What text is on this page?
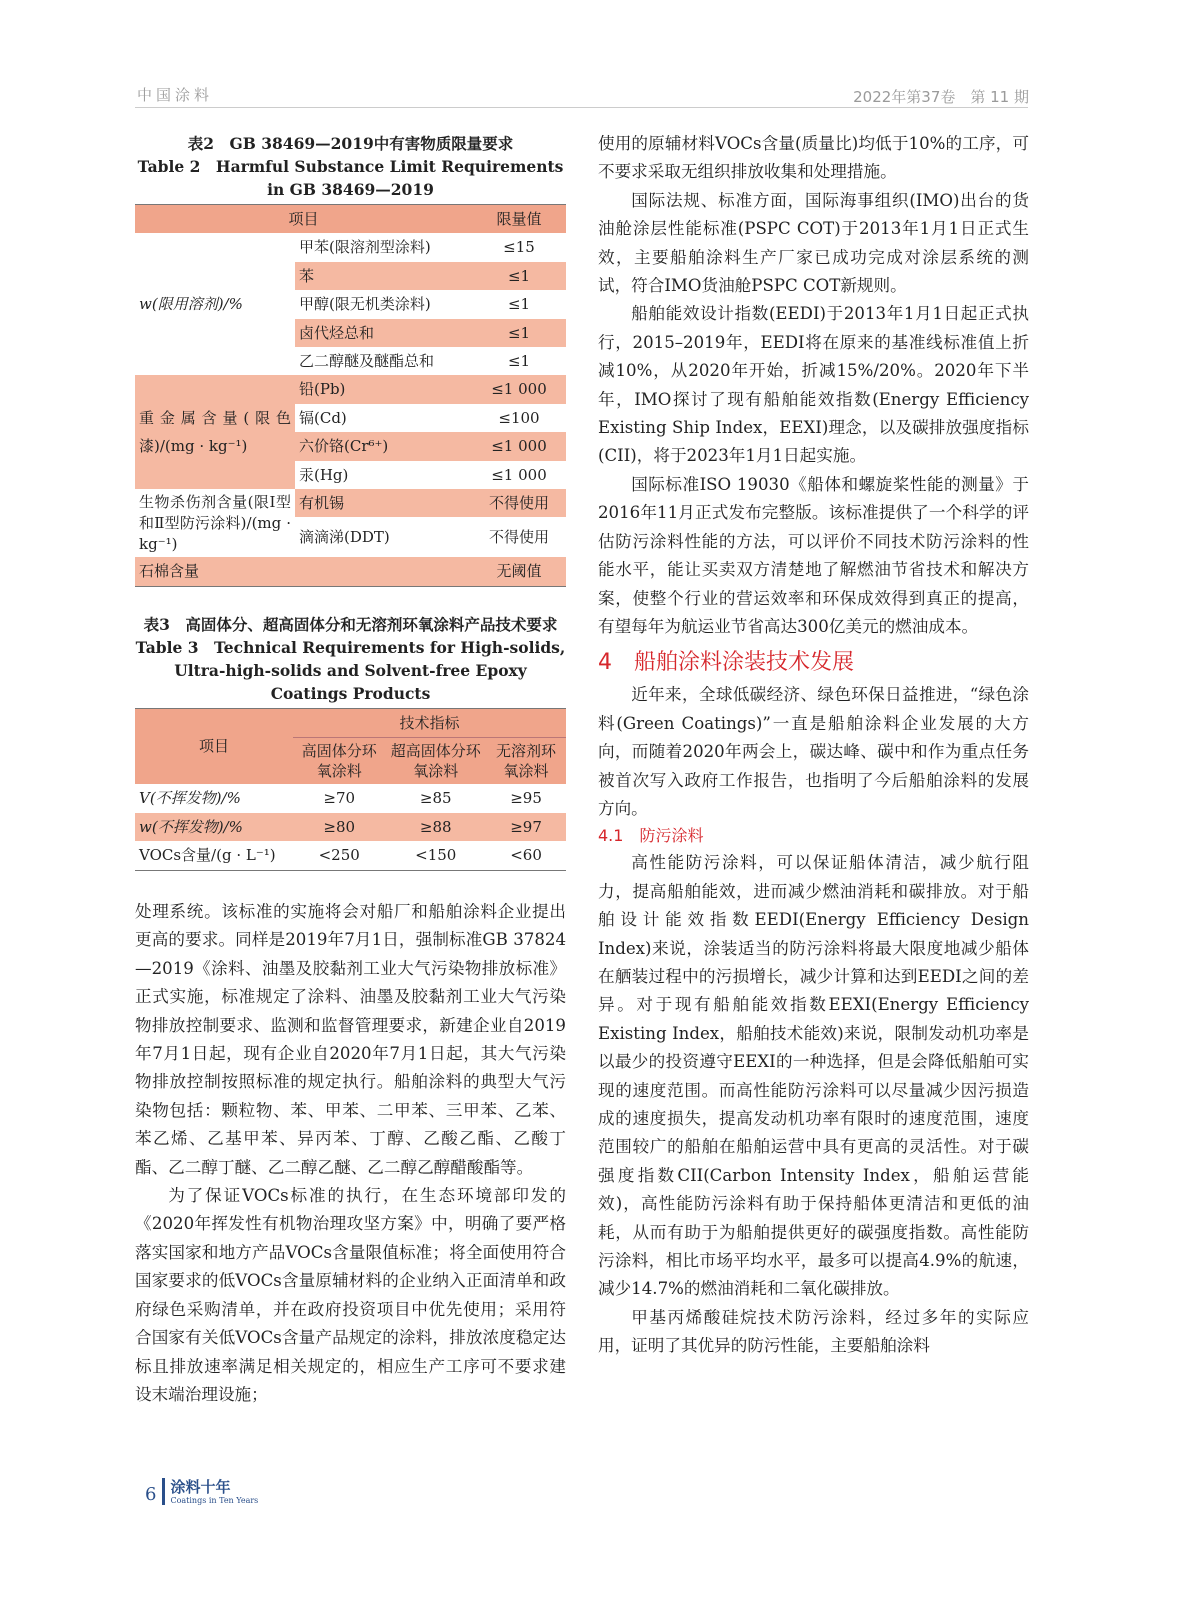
中国涂料	2022年第37卷　第 11 期
表2　GB 38469—2019中有害物质限量要求
Table 2　Harmful Substance Limit Requirements in GB 38469—2019
项目		限量值
w(限用溶剂)/%	甲苯(限溶剂型涂料)	≤15
	苯	≤1
	甲醇(限无机类涂料)	≤1
	卤代烃总和	≤1
	乙二醇醚及醚酯总和	≤1
重金属含量(限色漆)/(mg · kg⁻¹)	铅(Pb)	≤1 000
	镉(Cd)	≤100
	六价铬(Cr⁶⁺)	≤1 000
	汞(Hg)	≤1 000
生物杀伤剂含量(限Ⅰ型和Ⅱ型防污涂料)/(mg · kg⁻¹)	有机锡	不得使用
	滴滴涕(DDT)	不得使用
石棉含量		无阈值
表3　高固体分、超高固体分和无溶剂环氧涂料产品技术要求
Table 3　Technical Requirements for High-solids, Ultra-high-solids and Solvent-free Epoxy Coatings Products
项目	技术指标		
	高固体分环氧涂料	超高固体分环氧涂料	无溶剂环氧涂料
V(不挥发物)/%	≥70	≥85	≥95
w(不挥发物)/%	≥80	≥88	≥97
VOCs含量/(g · L⁻¹)	<250	<150	<60

处理系统。该标准的实施将会对船厂和船舶涂料企业提出更高的要求。同样是2019年7月1日，强制标准GB 37824—2019《涂料、油墨及胶黏剂工业大气污染物排放标准》正式实施，标准规定了涂料、油墨及胶黏剂工业大气污染物排放控制要求、监测和监督管理要求，新建企业自2019年7月1日起，现有企业自2020年7月1日起，其大气污染物排放控制按照标准的规定执行。船舶涂料的典型大气污染物包括：颗粒物、苯、甲苯、二甲苯、三甲苯、乙苯、苯乙烯、乙基甲苯、异丙苯、丁醇、乙酸乙酯、乙酸丁酯、乙二醇丁醚、乙二醇乙醚、乙二醇乙醇醋酸酯等。

为了保证VOCs标准的执行，在生态环境部印发的《2020年挥发性有机物治理攻坚方案》中，明确了要严格落实国家和地方产品VOCs含量限值标准；将全面使用符合国家要求的低VOCs含量原辅材料的企业纳入正面清单和政府绿色采购清单，并在政府投资项目中优先使用；采用符合国家有关低VOCs含量产品规定的涂料，排放浓度稳定达标且排放速率满足相关规定的，相应生产工序可不要求建设末端治理设施；

使用的原辅材料VOCs含量(质量比)均低于10%的工序，可不要求采取无组织排放收集和处理措施。

国际法规、标准方面，国际海事组织(IMO)出台的货油舱涂层性能标准(PSPC COT)于2013年1月1日正式生效，主要船舶涂料生产厂家已成功完成对涂层系统的测试，符合IMO货油舱PSPC COT新规则。

船舶能效设计指数(EEDI)于2013年1月1日起正式执行，2015–2019年，EEDI将在原来的基准线标准值上折减10%，从2020年开始，折减15%/20%。2020年下半年，IMO探讨了现有船舶能效指数(Energy Efficiency Existing Ship Index，EEXI)理念，以及碳排放强度指标(CII)，将于2023年1月1日起实施。

国际标准ISO 19030《船体和螺旋桨性能的测量》于2016年11月正式发布完整版。该标准提供了一个科学的评估防污涂料性能的方法，可以评价不同技术防污涂料的性能水平，能让买卖双方清楚地了解燃油节省技术和解决方案，使整个行业的营运效率和环保成效得到真正的提高，有望每年为航运业节省高达300亿美元的燃油成本。

4　船舶涂料涂装技术发展

近年来，全球低碳经济、绿色环保日益推进，“绿色涂料(Green Coatings)”一直是船舶涂料企业发展的大方向，而随着2020年两会上，碳达峰、碳中和作为重点任务被首次写入政府工作报告，也指明了今后船舶涂料的发展方向。

4.1　防污涂料

高性能防污涂料，可以保证船体清洁，减少航行阻力，提高船舶能效，进而减少燃油消耗和碳排放。对于船舶设计能效指数EEDI(Energy Efficiency Design Index)来说，涂装适当的防污涂料将最大限度地减少船体在舾装过程中的污损增长，减少计算和达到EEDI之间的差异。对于现有船舶能效指数EEXI(Energy Efficiency Existing Index，船舶技术能效)来说，限制发动机功率是以最少的投资遵守EEXI的一种选择，但是会降低船舶可实现的速度范围。而高性能防污涂料可以尽量减少因污损造成的速度损失，提高发动机功率有限时的速度范围，速度范围较广的船舶在船舶运营中具有更高的灵活性。对于碳强度指数CII(Carbon Intensity Index，船舶运营能效)，高性能防污涂料有助于保持船体更清洁和更低的油耗，从而有助于为船舶提供更好的碳强度指数。高性能防污涂料，相比市场平均水平，最多可以提高4.9%的航速，减少14.7%的燃油消耗和二氧化碳排放。

甲基丙烯酸硅烷技术防污涂料，经过多年的实际应用，证明了其优异的防污性能，主要船舶涂料

6 涂料十年
Coatings in Ten Years
